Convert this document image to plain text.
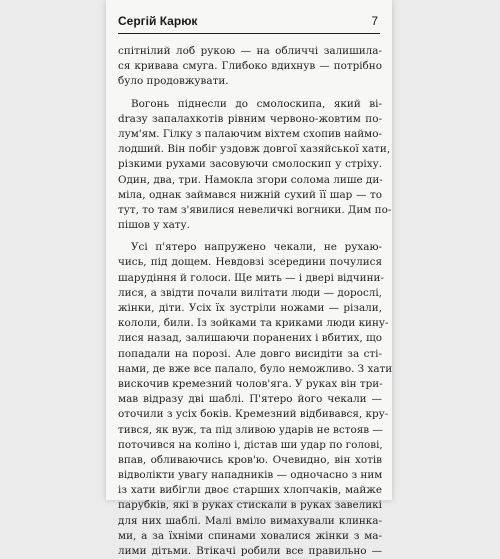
Сергій Карюк	7
спітнілий лоб рукою — на обличчі залишила-
ся кривава смуга. Глибоко вдихнув — потрібно
було продовжувати.
Вогонь піднесли до смолоскипа, який ві-
draзу запалахкотів рівним червоно-жовтим по-
лум'ям. Гілку з палаючим віхтем схопив наймо-
лодший. Він побіг уздовж довгої хазяйської хати,
різкими рухами засовуючи смолоскип у стріху.
Один, два, три. Намокла згори солома лише ди-
міла, однак займався нижній сухий її шар — то
тут, то там з'явилися невеличкі вогники. Дим по-
пішов у хату.
Усі п'ятеро напружено чекали, не рухаю-
чись, під дощем. Невдовзі зсередини почулися
шарудіння й голоси. Ще мить — і двері відчини-
лися, а звідти почали вилітати люди — дорослі,
жінки, діти. Усіх їх зустріли ножами — різали,
кололи, били. Із зойками та криками люди кину-
лися назад, залишаючи поранених і вбитих, що
попадали на порозі. Але довго висидіти за сті-
нами, де вже все палало, було неможливо. З хати
вискочив кремезний чолов'яга. У руках він три-
мав вiдразу дві шаблі. П'ятеро його чекали —
оточили з усіх боків. Кремезний відбивався, кру-
тився, як вуж, та під зливою ударів не встояв —
поточився на коліно і, дістав ши удар по голові,
впав, обливаючись кров'ю. Очевидно, він хотів
відволікти увагу нападників — одночасно з ним
із хати вибігли двоє старших хлопчаків, майже
парубків, які в руках стискали в руках завеликі
для них шаблі. Малі вміло вимахували клинка-
ми, а за їхніми спинами ховалися жінки з ма-
лими дітьми. Втікачі робили все правильно —
